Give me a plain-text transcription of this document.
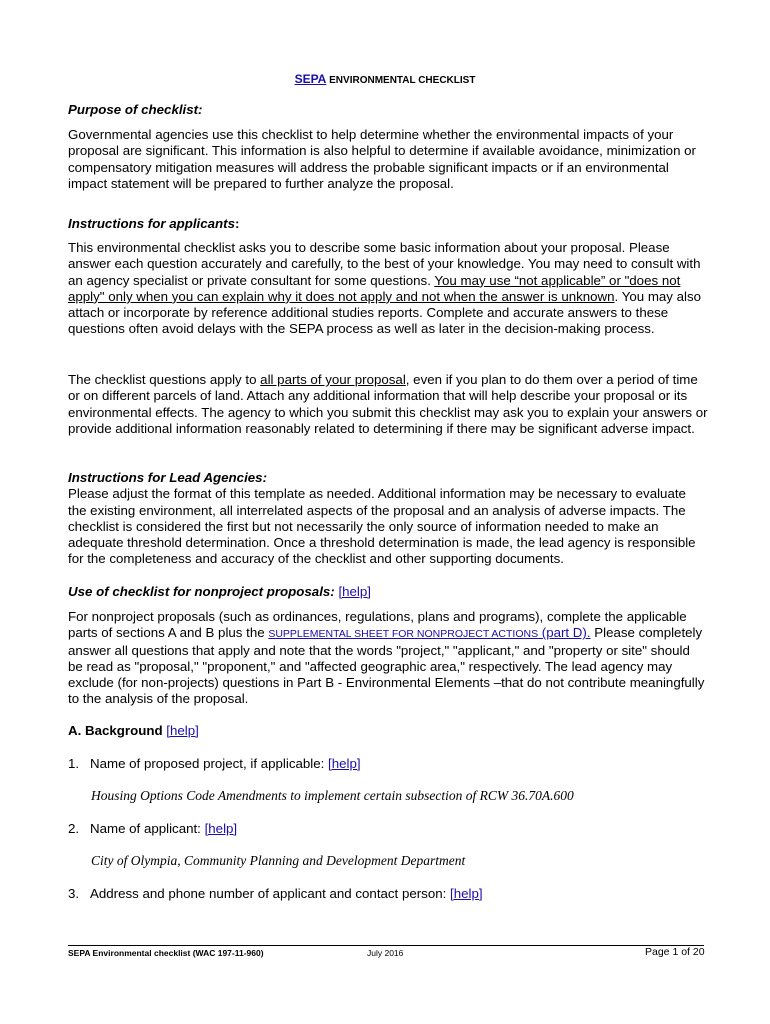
SEPA ENVIRONMENTAL CHECKLIST
Purpose of checklist:
Governmental agencies use this checklist to help determine whether the environmental impacts of your proposal are significant. This information is also helpful to determine if available avoidance, minimization or compensatory mitigation measures will address the probable significant impacts or if an environmental impact statement will be prepared to further analyze the proposal.
Instructions for applicants:
This environmental checklist asks you to describe some basic information about your proposal. Please answer each question accurately and carefully, to the best of your knowledge. You may need to consult with an agency specialist or private consultant for some questions. You may use “not applicable” or "does not apply" only when you can explain why it does not apply and not when the answer is unknown. You may also attach or incorporate by reference additional studies reports. Complete and accurate answers to these questions often avoid delays with the SEPA process as well as later in the decision-making process.
The checklist questions apply to all parts of your proposal, even if you plan to do them over a period of time or on different parcels of land. Attach any additional information that will help describe your proposal or its environmental effects. The agency to which you submit this checklist may ask you to explain your answers or provide additional information reasonably related to determining if there may be significant adverse impact.
Instructions for Lead Agencies:
Please adjust the format of this template as needed. Additional information may be necessary to evaluate the existing environment, all interrelated aspects of the proposal and an analysis of adverse impacts. The checklist is considered the first but not necessarily the only source of information needed to make an adequate threshold determination. Once a threshold determination is made, the lead agency is responsible for the completeness and accuracy of the checklist and other supporting documents.
Use of checklist for nonproject proposals: [help]
For nonproject proposals (such as ordinances, regulations, plans and programs), complete the applicable parts of sections A and B plus the SUPPLEMENTAL SHEET FOR NONPROJECT ACTIONS (part D). Please completely answer all questions that apply and note that the words "project," "applicant," and "property or site" should be read as "proposal," "proponent," and "affected geographic area," respectively. The lead agency may exclude (for non-projects) questions in Part B - Environmental Elements –that do not contribute meaningfully to the analysis of the proposal.
A. Background [help]
1. Name of proposed project, if applicable: [help]
Housing Options Code Amendments to implement certain subsection of RCW 36.70A.600
2. Name of applicant: [help]
City of Olympia, Community Planning and Development Department
3. Address and phone number of applicant and contact person: [help]
SEPA Environmental checklist (WAC 197-11-960)	July 2016	Page 1 of 20
